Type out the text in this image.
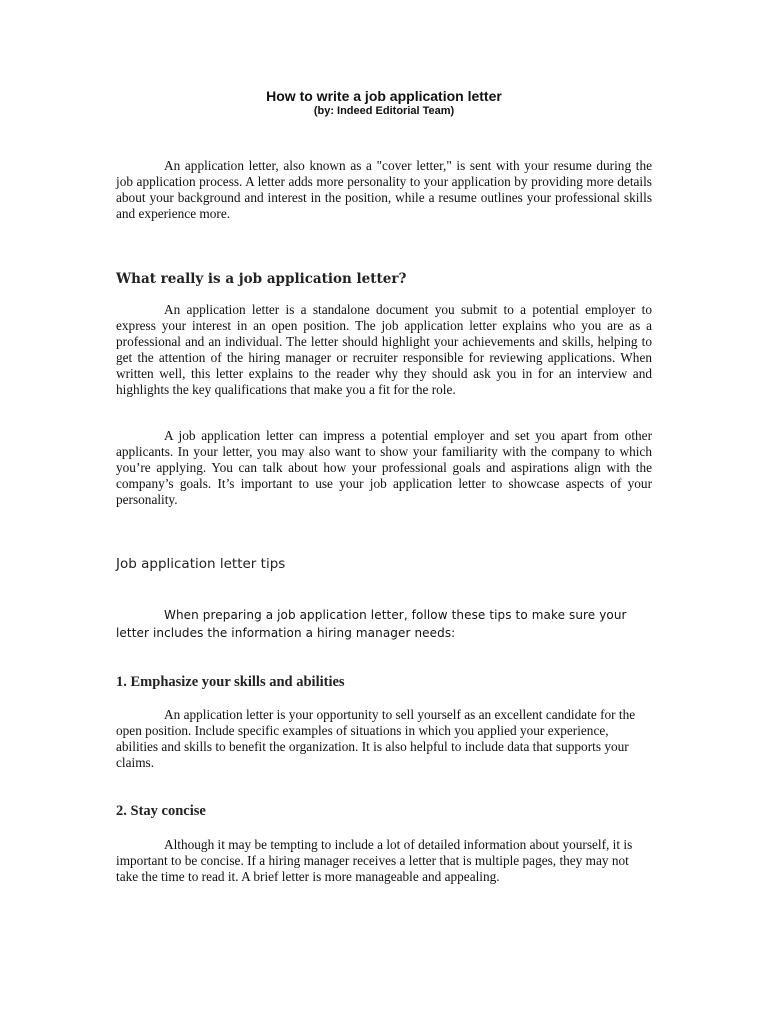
How to write a job application letter
(by: Indeed Editorial Team)

An application letter, also known as a "cover letter," is sent with your resume during the job application process. A letter adds more personality to your application by providing more details about your background and interest in the position, while a resume outlines your professional skills and experience more.

What really is a job application letter?

An application letter is a standalone document you submit to a potential employer to express your interest in an open position. The job application letter explains who you are as a professional and an individual. The letter should highlight your achievements and skills, helping to get the attention of the hiring manager or recruiter responsible for reviewing applications. When written well, this letter explains to the reader why they should ask you in for an interview and highlights the key qualifications that make you a fit for the role.

A job application letter can impress a potential employer and set you apart from other applicants. In your letter, you may also want to show your familiarity with the company to which you’re applying. You can talk about how your professional goals and aspirations align with the company’s goals. It’s important to use your job application letter to showcase aspects of your personality.

Job application letter tips

When preparing a job application letter, follow these tips to make sure your letter includes the information a hiring manager needs:

1. Emphasize your skills and abilities

An application letter is your opportunity to sell yourself as an excellent candidate for the open position. Include specific examples of situations in which you applied your experience, abilities and skills to benefit the organization. It is also helpful to include data that supports your claims.

2. Stay concise

Although it may be tempting to include a lot of detailed information about yourself, it is important to be concise. If a hiring manager receives a letter that is multiple pages, they may not take the time to read it. A brief letter is more manageable and appealing.
